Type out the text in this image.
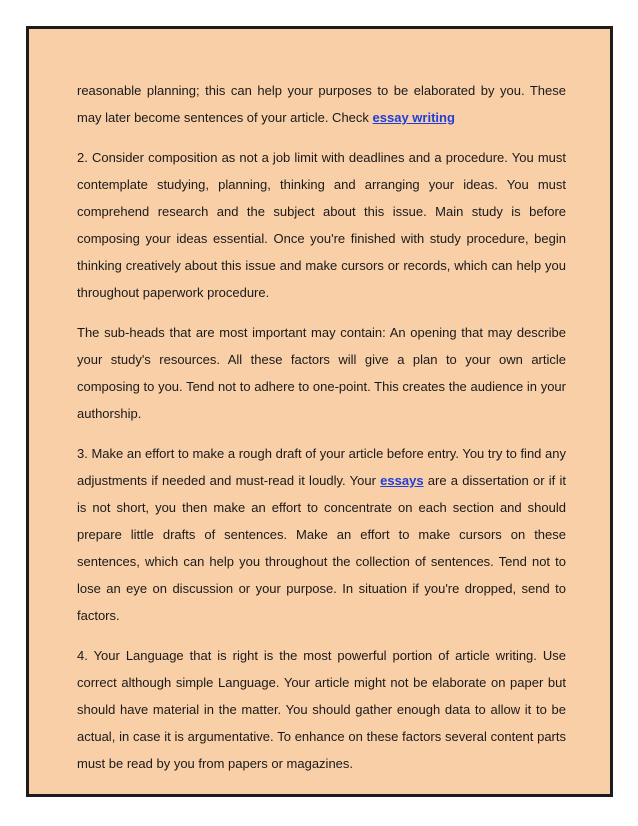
reasonable planning; this can help your purposes to be elaborated by you. These may later become sentences of your article. Check essay writing

2. Consider composition as not a job limit with deadlines and a procedure. You must contemplate studying, planning, thinking and arranging your ideas. You must comprehend research and the subject about this issue. Main study is before composing your ideas essential. Once you're finished with study procedure, begin thinking creatively about this issue and make cursors or records, which can help you throughout paperwork procedure.

The sub-heads that are most important may contain: An opening that may describe your study's resources. All these factors will give a plan to your own article composing to you. Tend not to adhere to one-point. This creates the audience in your authorship.

3. Make an effort to make a rough draft of your article before entry. You try to find any adjustments if needed and must-read it loudly. Your essays are a dissertation or if it is not short, you then make an effort to concentrate on each section and should prepare little drafts of sentences. Make an effort to make cursors on these sentences, which can help you throughout the collection of sentences. Tend not to lose an eye on discussion or your purpose. In situation if you're dropped, send to factors.

4. Your Language that is right is the most powerful portion of article writing. Use correct although simple Language. Your article might not be elaborate on paper but should have material in the matter. You should gather enough data to allow it to be actual, in case it is argumentative. To enhance on these factors several content parts must be read by you from papers or magazines.
